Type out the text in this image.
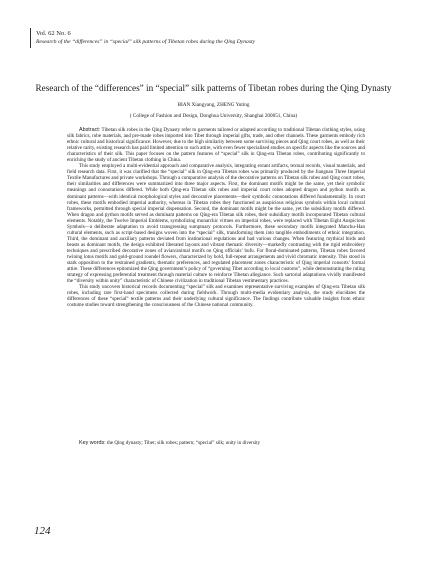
Vol. 62 No. 6
Research of the “differences” in “special” silk patterns of Tibetan robes during the Qing Dynasty
Research of the “differences” in “special” silk patterns of Tibetan robes during the Qing Dynasty
BIAN Xiangyang, ZHENG Yuting
( College of Fashion and Design, Donghua University, Shanghai 200051, China)

Abstract: Tibetan silk robes in the Qing Dynasty refer to garments tailored or adapted according to traditional Tibetan clothing styles, using silk fabrics, robe materials, and pre-made robes imported into Tibet through imperial gifts, trade, and other channels. These garments embody rich ethnic cultural and historical significance. However, due to the high similarity between some surviving pieces and Qing court robes, as well as their relative rarity, existing research has paid limited attention to such attire, with even fewer specialized studies on specific aspects like the sources and characteristics of their silk. This paper focuses on the pattern features of “special” silk in Qing-era Tibetan robes, contributing significantly to enriching the study of ancient Tibetan clothing in China.

This study employed a multi-evidential approach and comparative analysis, integrating extant artifacts, textual records, visual materials, and field research data. First, it was clarified that the “special” silk in Qing-era Tibetan robes was primarily produced by the Jiangnan Three Imperial Textile Manufactures and private workshops. Through a comparative analysis of the decorative patterns on Tibetan silk robes and Qing court robes, their similarities and differences were summarized into three major aspects. First, the dominant motifs might be the same, yet their symbolic meanings and connotations differed. While both Qing-era Tibetan silk robes and imperial court robes adopted dragon and python motifs as dominant patterns—with identical morphological styles and decorative placements—their symbolic connotations differed fundamentally. In court robes, these motifs embodied imperial authority, whereas in Tibetan robes they functioned as auspicious religious symbols within local cultural frameworks, permitted through special imperial dispensation. Second, the dominant motifs might be the same, yet the subsidiary motifs differed. When dragon and python motifs served as dominant patterns on Qing-era Tibetan silk robes, their subsidiary motifs incorporated Tibetan cultural elements. Notably, the Twelve Imperial Emblems, symbolizing monarchic virtues on imperial robes, were replaced with Tibetan Eight Auspicious Symbols—a deliberate adaptation to avoid transgressing sumptuary protocols. Furthermore, these secondary motifs integrated Manchu-Han cultural elements, such as script-based designs woven into the “special” silk, transforming them into tangible embodiments of ethnic integration. Third, the dominant and auxiliary patterns deviated from institutional regulations and had various changes. When featuring mythical birds and beasts as dominant motifs, the design exhibited liberated layouts and vibrant thematic diversity—markedly contrasting with the rigid embroidery techniques and prescribed decorative zones of avian/animal motifs on Qing officials’ bufu. For floral-dominated patterns, Tibetan robes favored twining lotus motifs and gold-ground roundel flowers, characterized by bold, full-repeat arrangements and vivid chromatic intensity. This stood in stark opposition to the restrained gradients, thematic preferences, and regulated placement zones characteristic of Qing imperial consorts’ formal attire. These differences epitomized the Qing government’s policy of “governing Tibet according to local customs”, while demonstrating the ruling strategy of expressing preferential treatment through material culture to reinforce Tibetan allegiance. Such sartorial adaptations vividly manifested the “diversity within unity” characteristic of Chinese civilization in traditional Tibetan vestimentary practices.

This study uncovers historical records documenting “special” silk and examines representative surviving examples of Qing-era Tibetan silk robes, including rare first-hand specimens collected during fieldwork. Through multi-media evidentiary analysis, the study elucidates the differences of these “special” textile patterns and their underlying cultural significance. The findings contribute valuable insights from ethnic costume studies toward strengthening the consciousness of the Chinese national community.

Key words: the Qing dynasty; Tibet; silk robes; pattern; “special” silk; unity in diversity
124
